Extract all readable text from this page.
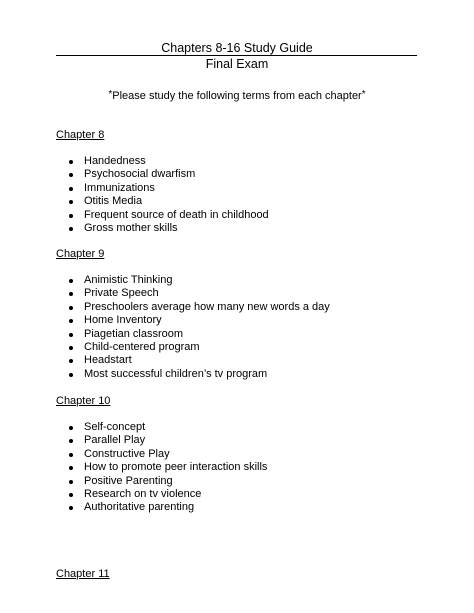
Chapters 8-16 Study Guide
Final Exam
*Please study the following terms from each chapter*
Chapter 8
Handedness
Psychosocial dwarfism
Immunizations
Otitis Media
Frequent source of death in childhood
Gross mother skills
Chapter 9
Animistic Thinking
Private Speech
Preschoolers average how many new words a day
Home Inventory
Piagetian classroom
Child-centered program
Headstart
Most successful children’s tv program
Chapter 10
Self-concept
Parallel Play
Constructive Play
How to promote peer interaction skills
Positive Parenting
Research on tv violence
Authoritative parenting
Chapter 11
